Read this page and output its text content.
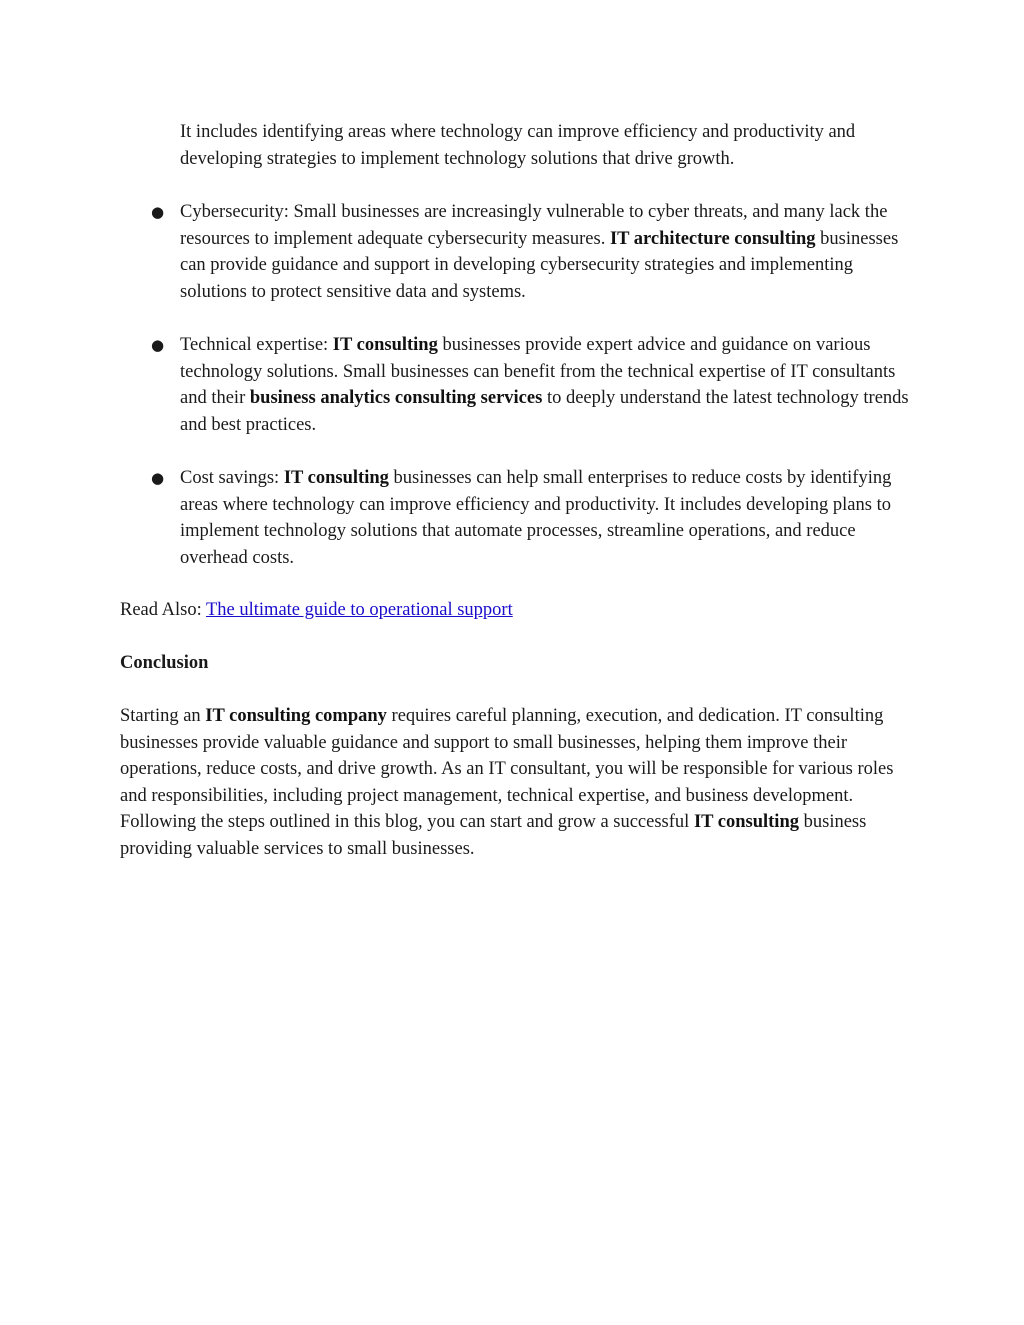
It includes identifying areas where technology can improve efficiency and productivity and developing strategies to implement technology solutions that drive growth.

● Cybersecurity: Small businesses are increasingly vulnerable to cyber threats, and many lack the resources to implement adequate cybersecurity measures. IT architecture consulting businesses can provide guidance and support in developing cybersecurity strategies and implementing solutions to protect sensitive data and systems.

● Technical expertise: IT consulting businesses provide expert advice and guidance on various technology solutions. Small businesses can benefit from the technical expertise of IT consultants and their business analytics consulting services to deeply understand the latest technology trends and best practices.

● Cost savings: IT consulting businesses can help small enterprises to reduce costs by identifying areas where technology can improve efficiency and productivity. It includes developing plans to implement technology solutions that automate processes, streamline operations, and reduce overhead costs.

Read Also: The ultimate guide to operational support

Conclusion

Starting an IT consulting company requires careful planning, execution, and dedication. IT consulting businesses provide valuable guidance and support to small businesses, helping them improve their operations, reduce costs, and drive growth. As an IT consultant, you will be responsible for various roles and responsibilities, including project management, technical expertise, and business development. Following the steps outlined in this blog, you can start and grow a successful IT consulting business providing valuable services to small businesses.
